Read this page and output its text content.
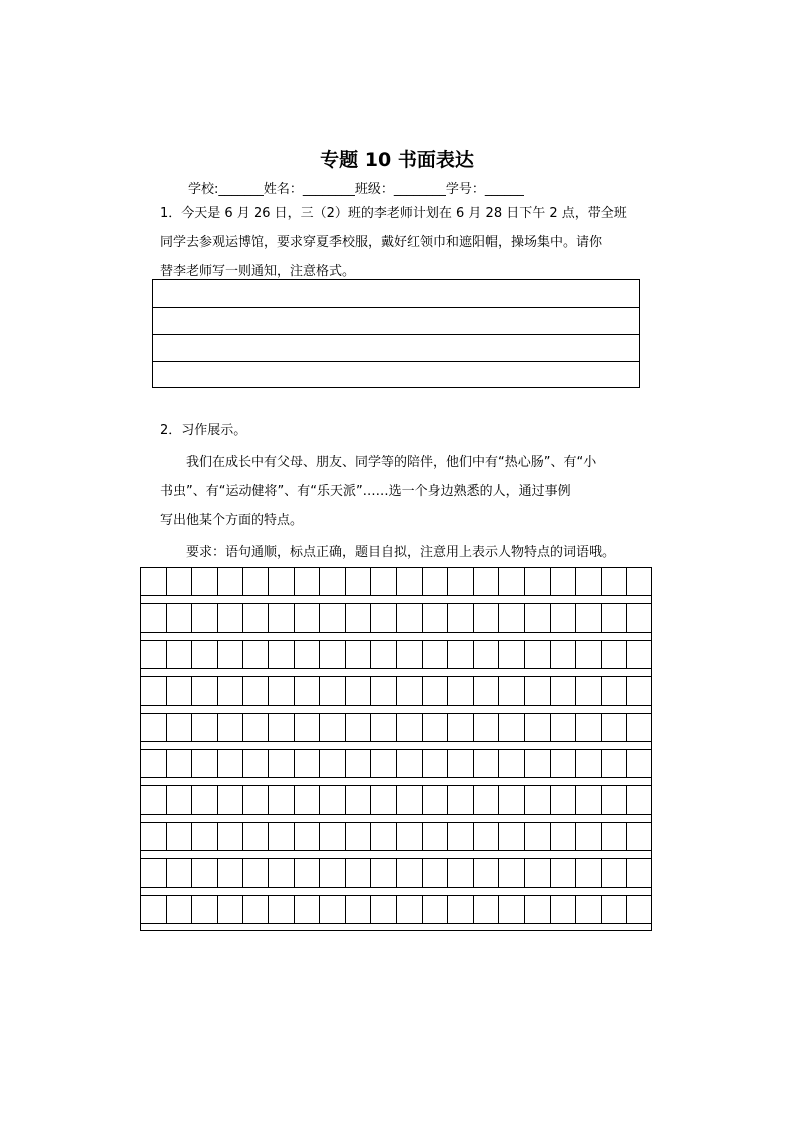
专题 10 书面表达
学校:_______姓名：________班级：________学号：______
1．今天是 6 月 26 日，三（2）班的李老师计划在 6 月 28 日下午 2 点，带全班
同学去参观运博馆，要求穿夏季校服，戴好红领巾和遮阳帽，操场集中。请你
替李老师写一则通知，注意格式。
2．习作展示。
　　我们在成长中有父母、朋友、同学等的陪伴，他们中有“热心肠”、有“小
书虫”、有“运动健将”、有“乐天派”……选一个身边熟悉的人，通过事例
写出他某个方面的特点。
　　要求：语句通顺，标点正确，题目自拟，注意用上表示人物特点的词语哦。
